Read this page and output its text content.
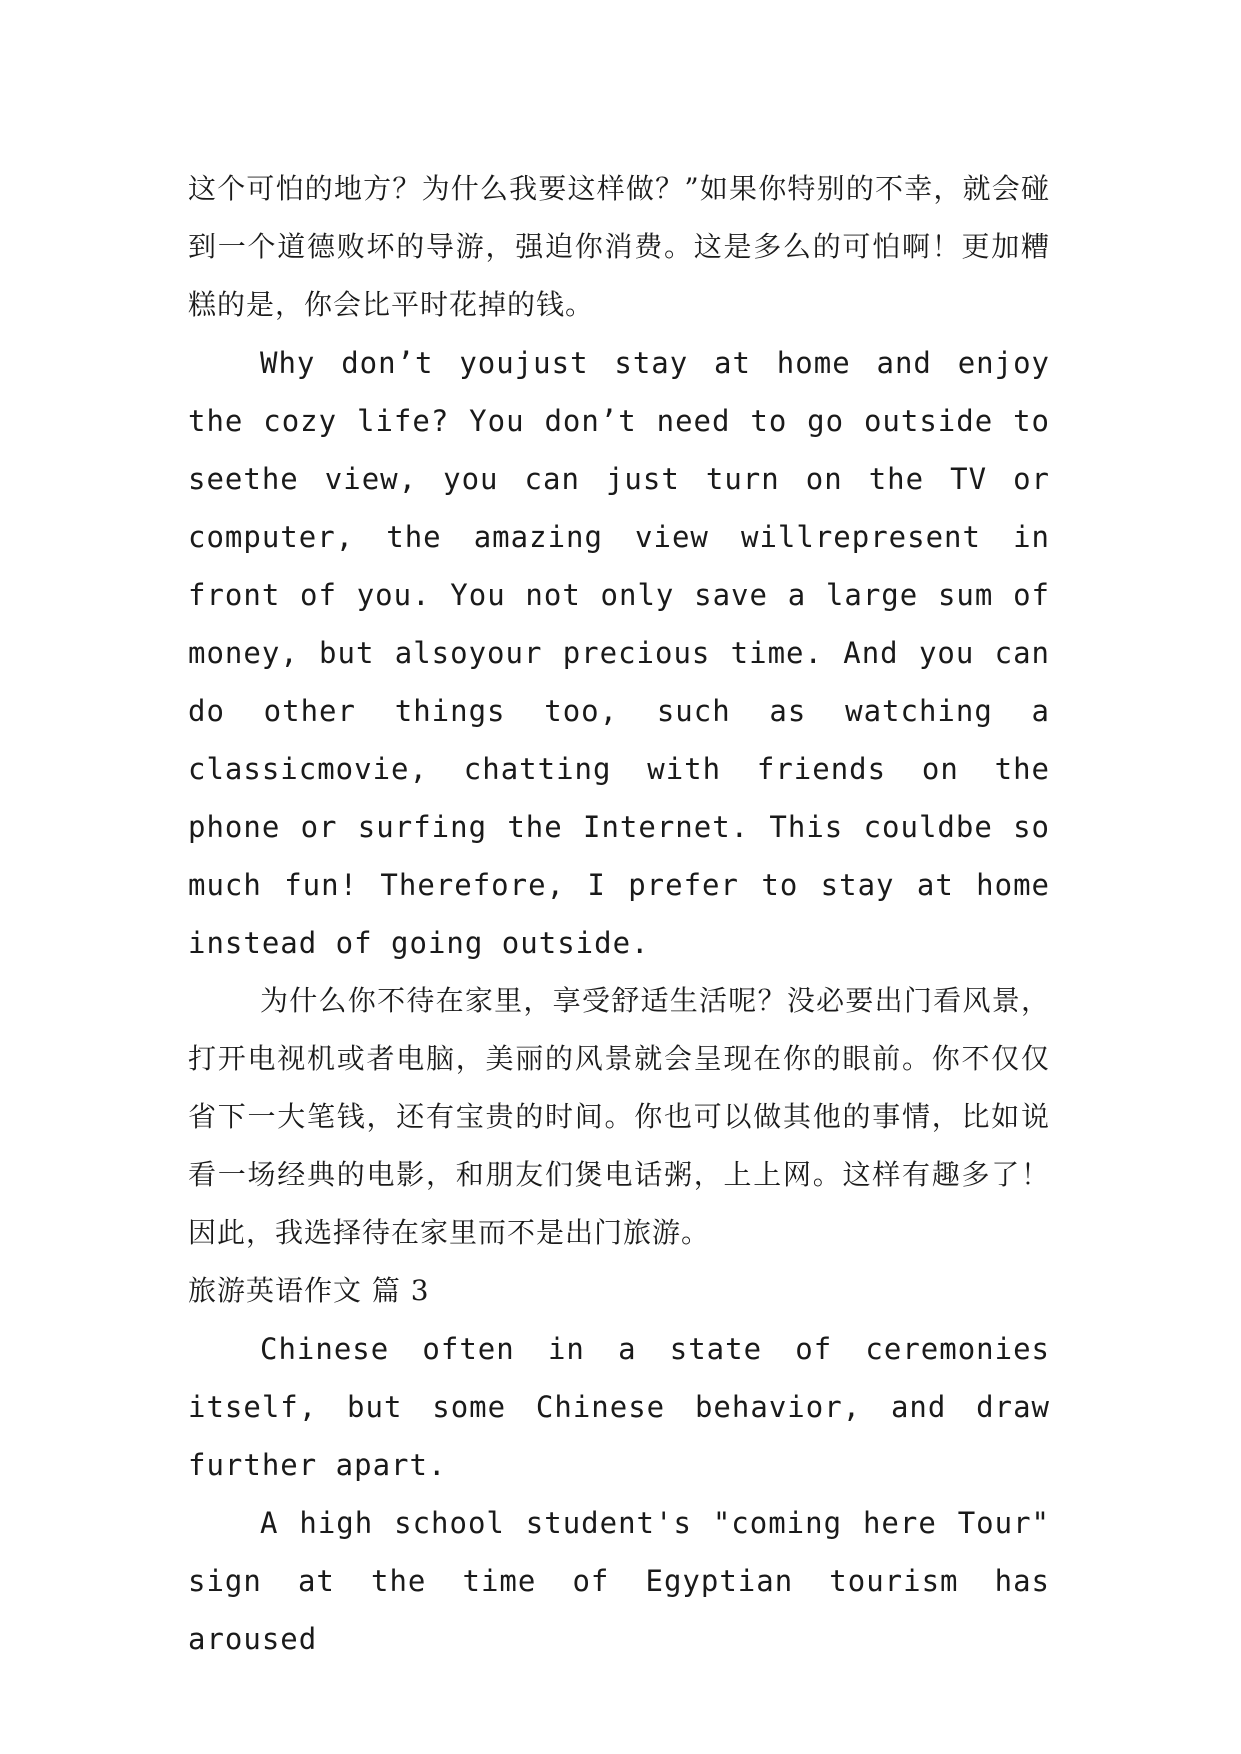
这个可怕的地方？为什么我要这样做？”如果你特别的不幸，就会碰到一个道德败坏的导游，强迫你消费。这是多么的可怕啊！更加糟糕的是，你会比平时花掉的钱。

Why don’t youjust stay at home and enjoy the cozy life? You don’t need to go outside to seethe view, you can just turn on the TV or computer, the amazing view willrepresent in front of you. You not only save a large sum of money, but alsoyour precious time. And you can do other things too, such as watching a classicmovie, chatting with friends on the phone or surfing the Internet. This couldbe so much fun! Therefore, I prefer to stay at home instead of going outside.

为什么你不待在家里，享受舒适生活呢？没必要出门看风景，打开电视机或者电脑，美丽的风景就会呈现在你的眼前。你不仅仅省下一大笔钱，还有宝贵的时间。你也可以做其他的事情，比如说看一场经典的电影，和朋友们煲电话粥，上上网。这样有趣多了！因此，我选择待在家里而不是出门旅游。

旅游英语作文 篇 3

Chinese often in a state of ceremonies itself, but some Chinese behavior, and draw further apart.

A high school student's "coming here Tour" sign at the time of Egyptian tourism has aroused
